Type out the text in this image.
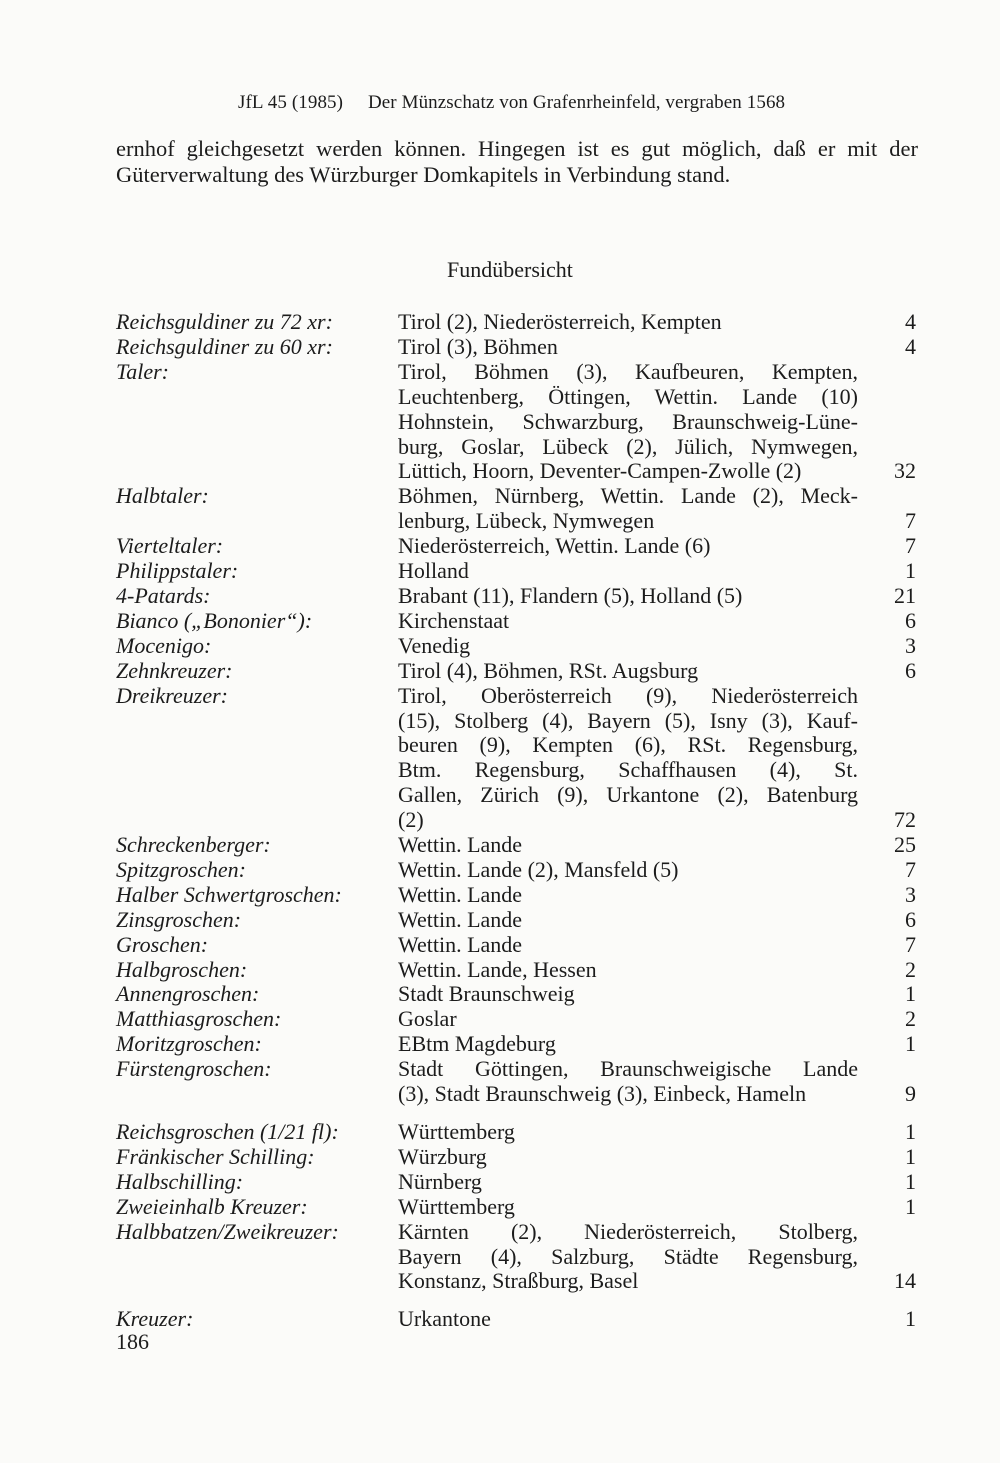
JfL 45 (1985) Der Münzschatz von Grafenrheinfeld, vergraben 1568
ernhof gleichgesetzt werden können. Hingegen ist es gut möglich, daß er mit der
Güterverwaltung des Würzburger Domkapitels in Verbindung stand.
Fundübersicht
Reichsguldiner zu 72 xr:	Tirol (2), Niederösterreich, Kempten	4
Reichsguldiner zu 60 xr:	Tirol (3), Böhmen	4
Taler:	Tirol, Böhmen (3), Kaufbeuren, Kempten,
Leuchtenberg, Öttingen, Wettin. Lande (10)
Hohnstein, Schwarzburg, Braunschweig-Lüne-
burg, Goslar, Lübeck (2), Jülich, Nymwegen,
Lüttich, Hoorn, Deventer-Campen-Zwolle (2)	32
Halbtaler:	Böhmen, Nürnberg, Wettin. Lande (2), Meck-
lenburg, Lübeck, Nymwegen	7
Vierteltaler:	Niederösterreich, Wettin. Lande (6)	7
Philippstaler:	Holland	1
4-Patards:	Brabant (11), Flandern (5), Holland (5)	21
Bianco („Bononier“):	Kirchenstaat	6
Mocenigo:	Venedig	3
Zehnkreuzer:	Tirol (4), Böhmen, RSt. Augsburg	6
Dreikreuzer:	Tirol, Oberösterreich (9), Niederösterreich
(15), Stolberg (4), Bayern (5), Isny (3), Kauf-
beuren (9), Kempten (6), RSt. Regensburg,
Btm. Regensburg, Schaffhausen (4), St.
Gallen, Zürich (9), Urkantone (2), Batenburg
(2)	72
Schreckenberger:	Wettin. Lande	25
Spitzgroschen:	Wettin. Lande (2), Mansfeld (5)	7
Halber Schwertgroschen:	Wettin. Lande	3
Zinsgroschen:	Wettin. Lande	6
Groschen:	Wettin. Lande	7
Halbgroschen:	Wettin. Lande, Hessen	2
Annengroschen:	Stadt Braunschweig	1
Matthiasgroschen:	Goslar	2
Moritzgroschen:	EBtm Magdeburg	1
Fürstengroschen:	Stadt Göttingen, Braunschweigische Lande
(3), Stadt Braunschweig (3), Einbeck, Hameln	9
Reichsgroschen (1/21 fl):	Württemberg	1
Fränkischer Schilling:	Würzburg	1
Halbschilling:	Nürnberg	1
Zweieinhalb Kreuzer:	Württemberg	1
Halbbatzen/Zweikreuzer:	Kärnten (2), Niederösterreich, Stolberg,
Bayern (4), Salzburg, Städte Regensburg,
Konstanz, Straßburg, Basel	14
Kreuzer:	Urkantone	1
186
